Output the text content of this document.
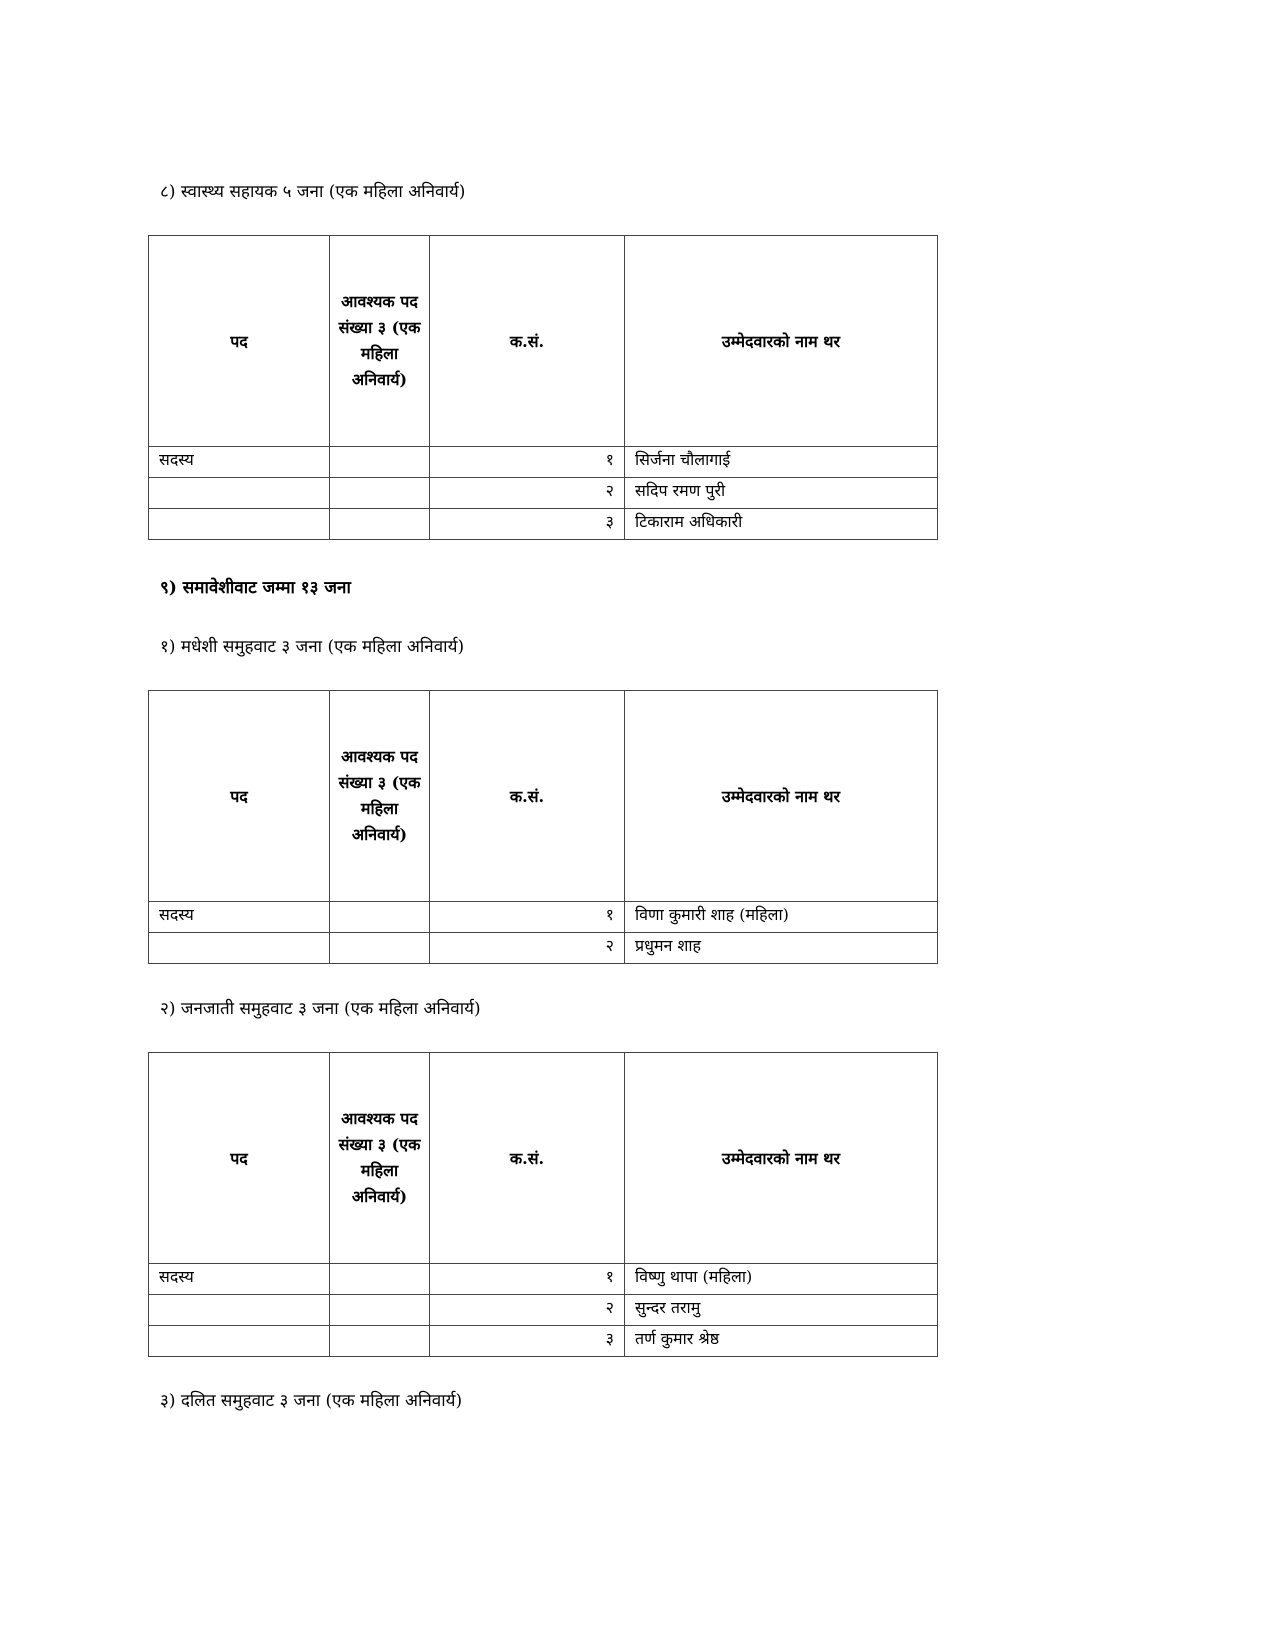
८) स्वास्थ्य सहायक ५ जना (एक महिला अनिवार्य)
पद	आवश्यक पद संख्या ३ (एक महिला अनिवार्य)	क.सं.	उम्मेदवारको नाम थर
सदस्य		१	सिर्जना चौलागाई
		२	सदिप रमण पुरी
		३	टिकाराम अधिकारी
९) समावेशीवाट जम्मा १३ जना
१) मधेशी समुहवाट ३ जना (एक महिला अनिवार्य)
पद	आवश्यक पद संख्या ३ (एक महिला अनिवार्य)	क.सं.	उम्मेदवारको नाम थर
सदस्य		१	विणा कुमारी शाह (महिला)
		२	प्रधुमन शाह
२) जनजाती समुहवाट ३ जना (एक महिला अनिवार्य)
पद	आवश्यक पद संख्या ३ (एक महिला अनिवार्य)	क.सं.	उम्मेदवारको नाम थर
सदस्य		१	विष्णु थापा (महिला)
		२	सुन्दर तरामु
		३	तर्ण कुमार श्रेष्ठ
३) दलित समुहवाट ३ जना (एक महिला अनिवार्य)
